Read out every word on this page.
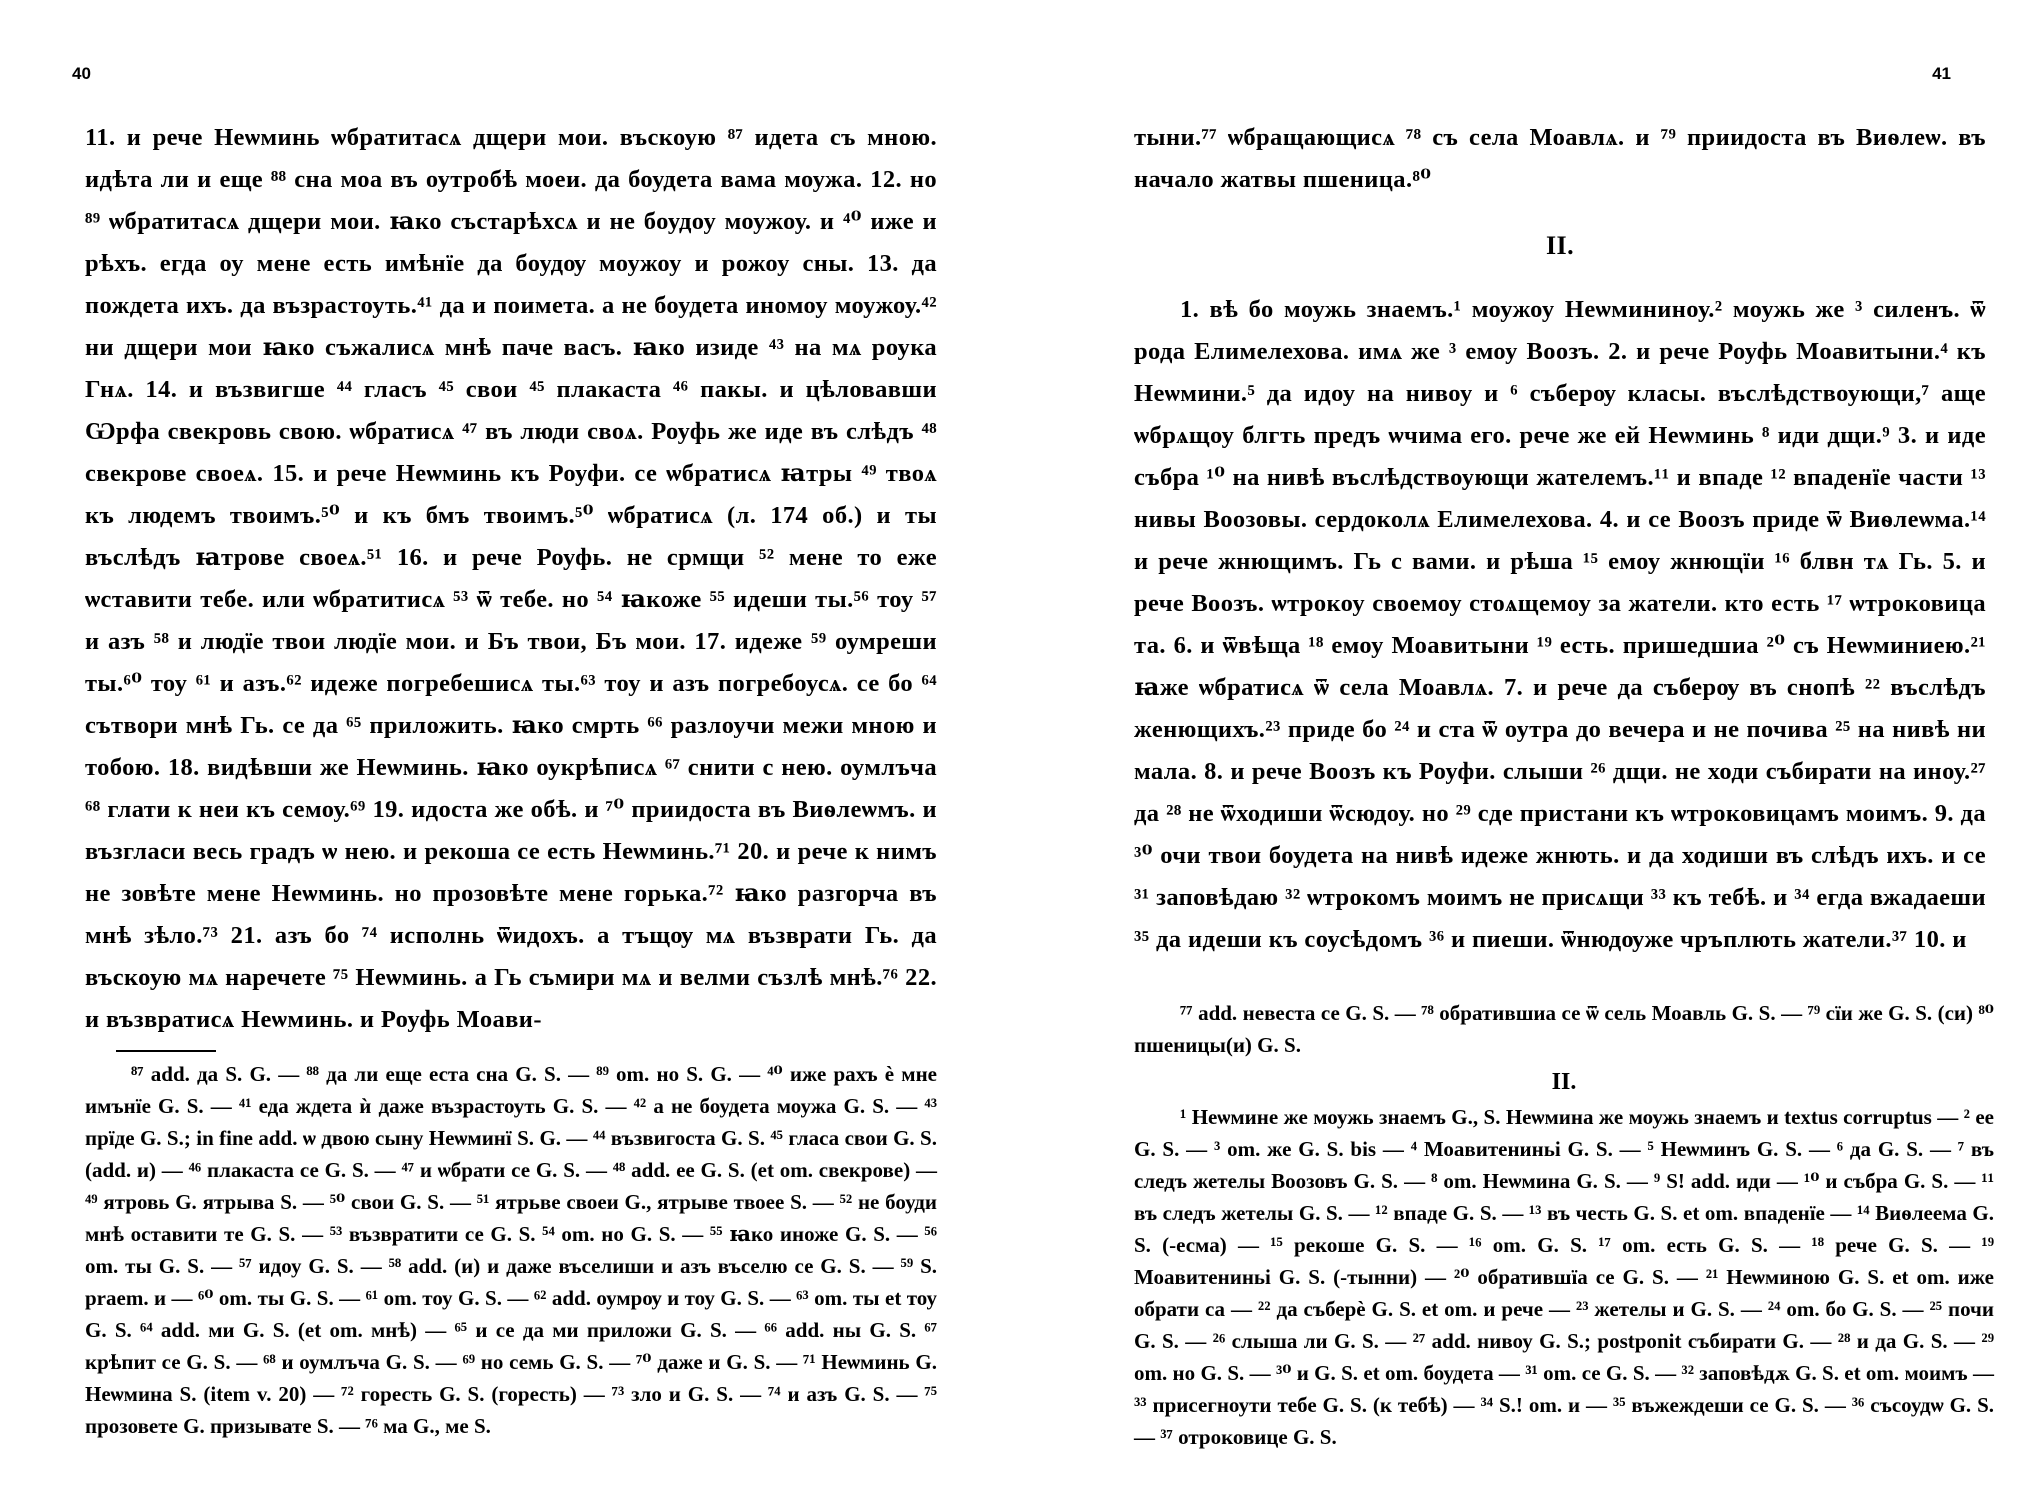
40

11. и рече Неѡминь ѡбратитасѧ дщери мои. въскоую ⁸⁷ идета съ мною. идѣта ли и еще ⁸⁸ сна моа въ оутробѣ моеи. да боудета вама моужа. 12. но ⁸⁹ ѡбратитасѧ дщери мои. ꙗко състарѣхсѧ и не боудоу моужоу. и ⁴⁰ иже и рѣхъ. егда оу мене есть имѣнїе да боудѹ моужоу и рожоу сны. 13. да пождета ихъ. да възрастоуть.⁴¹ да и поимета. а не боудета иномоу моужоу.⁴² ни дщери мои ꙗко съжалисѧ мнѣ паче васъ. ꙗко изиде ⁴³ на мѧ роука Гнѧ. 14. и възвигше ⁴⁴ гласъ ⁴⁵ свои ⁴⁵ плакаста ⁴⁶ пакы. и цѣловавши Ѡрфа свекровь свою. ѡбратисѧ ⁴⁷ въ люди своѧ. Роуфь же иде въ слѣдъ ⁴⁸ свекрове своеѧ. 15. и рече Неѡминь къ Роуфи. се ѡбратисѧ ꙗтры ⁴⁹ твоѧ къ людемъ твоимъ.⁵⁰ и къ бмъ твоимъ.⁵⁰ ѡбратисѧ (л. 174 об.) и ты въслѣдъ ꙗтрове своеѧ.⁵¹ 16. и рече Роуфь. не срмщи ⁵² мене то еже ѡставити тебе. или ѡбратитисѧ ⁵³ ѿ тебе. но ⁵⁴ ꙗкоже ⁵⁵ идеши ты.⁵⁶ тоу ⁵⁷ и азъ ⁵⁸ и людїе твои людїе мои. и Бъ твои, Бъ мои. 17. идеже ⁵⁹ оумреши ты.⁶⁰ тоу ⁶¹ и азъ.⁶² идеже погребешисѧ ты.⁶³ тоу и азъ погребоусѧ. се бо ⁶⁴ сътвори мнѣ Гь. се да ⁶⁵ приложить. ꙗко смрть ⁶⁶ разлоучи межи мною и тобою. 18. видѣвши же Неѡминь. ꙗко оукрѣписѧ ⁶⁷ снити с нею. оумлъча ⁶⁸ глати к неи къ семоу.⁶⁹ 19. идоста же обѣ. и ⁷⁰ приидоста въ Виѳлеѡмъ. и възгласи весь градъ ѡ нею. и рекоша се есть Неѡминь.⁷¹ 20. и рече к нимъ не зовѣте мене Неѡминь. но прозовѣте мене горька.⁷² ꙗко разгорча въ мнѣ зѣло.⁷³ 21. азъ бо ⁷⁴ исполнь ѿидохъ. а тъщѹ мѧ възврати Гь. да въскоую мѧ наречете ⁷⁵ Неѡминь. а Гь съмири мѧ и велми съзлѣ мнѣ.⁷⁶ 22. и възвратисѧ Неѡминь. и Роуфь Моави-

⁸⁷ add. да S. G. — ⁸⁸ да ли еще еста сна G. S. — ⁸⁹ om. но S. G. — ⁴⁰ иже рахъ ѐ мне имънїе G. S. — ⁴¹ еда ждета ѝ даже възрастоуть G. S. — ⁴² а не боудета моужа G. S. — ⁴³ прїде G. S.; in fine add. ѡ двою сыну Неѡминї S. G. — ⁴⁴ възвигоста G. S. ⁴⁵ гласа свои G. S. (add. и) — ⁴⁶ плакаста се G. S. — ⁴⁷ и ѡбрати се G. S. — ⁴⁸ add. ее G. S. (et om. свекрове) — ⁴⁹ ятровь G. ятрыва S. — ⁵⁰ свои G. S. — ⁵¹ ятрьве своеи G., ятрыве твоее S. — ⁵² не боуди мнѣ оставити те G. S. — ⁵³ възвратити се G. S. ⁵⁴ om. но G. S. — ⁵⁵ ꙗко иноже G. S. — ⁵⁶ om. ты G. S. — ⁵⁷ идоу G. S. — ⁵⁸ add. (и) и даже въселиши и азъ въселю се G. S. — ⁵⁹ S. praem. и — ⁶⁰ om. ты G. S. — ⁶¹ om. тоу G. S. — ⁶² add. оумрѹ и тоу G. S. — ⁶³ om. ты et тоу G. S. ⁶⁴ add. ми G. S. (et om. мнѣ) — ⁶⁵ и се да ми приложи G. S. — ⁶⁶ add. ны G. S. ⁶⁷ крѣпит се G. S. — ⁶⁸ и оумлъча G. S. — ⁶⁹ но семь G. S. — ⁷⁰ даже и G. S. — ⁷¹ Неѡминь G. Неѡмина S. (item v. 20) — ⁷² горесть G. S. (гоpесть) — ⁷³ зло и G. S. — ⁷⁴ и азъ G. S. — ⁷⁵ прозовете G. призывате S. — ⁷⁶ ма G., ме S.

41

тыни.⁷⁷ ѡбращающисѧ ⁷⁸ съ села Моавлѧ. и ⁷⁹ приидоста въ Виѳлеѡ. въ начало жатвы пшеница.⁸⁰

II.

1. вѣ бо моужь знаемъ.¹ моужоу Неѡмининоу.² моужь же ³ силенъ. ѿ рода Елимелехова. имѧ же ³ емоу Воозъ. 2. и рече Роуфь Моавитыни.⁴ къ Неѡмини.⁵ да идоу на нивоу и ⁶ съберѹ класы. въслѣдствоующи,⁷ аще ѡбрѧщоу блгть предъ ѡчима его. рече же ей Неѡминь ⁸ иди дщи.⁹ 3. и иде събра ¹⁰ на нивѣ въслѣдствоующи жателемъ.¹¹ и впаде ¹² впаденїе части ¹³ нивы Воозовы. сердоколѧ Елимелехова. 4. и се Воозъ приде ѿ Виѳлеѡма.¹⁴ и рече жнющимъ. Гь с вами. и рѣша ¹⁵ емоу жнющїи ¹⁶ блвн тѧ Гь. 5. и рече Воозъ. ѡтрокоу своемоу стоѧщемоу за жатели. кто есть ¹⁷ ѡтроковица та. 6. и ѿвѣща ¹⁸ емоу Моавитыни ¹⁹ есть. пришедшиа ²⁰ съ Неѡминиею.²¹ ꙗже ѡбратисѧ ѿ села Моавлѧ. 7. и рече да съберѹ въ снопѣ ²² въслѣдъ женющихъ.²³ приде бо ²⁴ и ста ѿ оутра до вечера и не почива ²⁵ на нивѣ ни мала. 8. и рече Воозъ къ Роуфи. слыши ²⁶ дщи. не ходи събирати на иноу.²⁷ да ²⁸ не ѿходиши ѿсюдоу. но ²⁹ сде пристани къ ѡтроковицамъ моимъ. 9. да ³⁰ очи твои боудета на нивѣ идеже жнють. и да ходиши въ слѣдъ ихъ. и се ³¹ заповѣдаю ³² ѡтрокомъ моимъ не присѧщи ³³ къ тебѣ. и ³⁴ егда вжадаеши ³⁵ да идеши къ соусѣдомъ ³⁶ и пиеши. ѿнюдѹже чръплють жатели.³⁷ 10. и

⁷⁷ add. невеста се G. S. — ⁷⁸ обратившиа се ѿ сель Моавль G. S. — ⁷⁹ сїи же G. S. (си) ⁸⁰ пшеницы(и) G. S.

II.

¹ Неѡмине же моужь знаемъ G., S. Неѡмина же моужь знаемъ и textus corruptus — ² ее G. S. — ³ om. же G. S. bis — ⁴ Моавитениньі G. S. — ⁵ Неѡминъ G. S. — ⁶ да G. S. — ⁷ въ следъ жетелы Воозовъ G. S. — ⁸ om. Неѡмина G. S. — ⁹ S! add. иди — ¹⁰ и събра G. S. — ¹¹ въ следъ жетелы G. S. — ¹² впаде G. S. — ¹³ въ честь G. S. et om. впаденїе — ¹⁴ Виѳлеема G. S. (-есма) — ¹⁵ рекоше G. S. — ¹⁶ om. G. S. ¹⁷ om. есть G. S. — ¹⁸ рече G. S. — ¹⁹ Моавитениньі G. S. (-тынни) — ²⁰ обратившїа се G. S. — ²¹ Неѡминою G. S. et om. иже обрати са — ²² да съберѐ G. S. et om. и рече — ²³ жетелы и G. S. — ²⁴ om. бо G. S. — ²⁵ почи G. S. — ²⁶ слыша ли G. S. — ²⁷ add. нивоу G. S.; postponit събирати G. — ²⁸ и да G. S. — ²⁹ om. но G. S. — ³⁰ и G. S. et om. боудета — ³¹ om. се G. S. — ³² заповѣдѫ G. S. et om. моимъ — ³³ присегноути тебе G. S. (к тебѣ) — ³⁴ S.! om. и — ³⁵ въжеждеши се G. S. — ³⁶ съсоудѡ G. S. — ³⁷ отроковице G. S.
